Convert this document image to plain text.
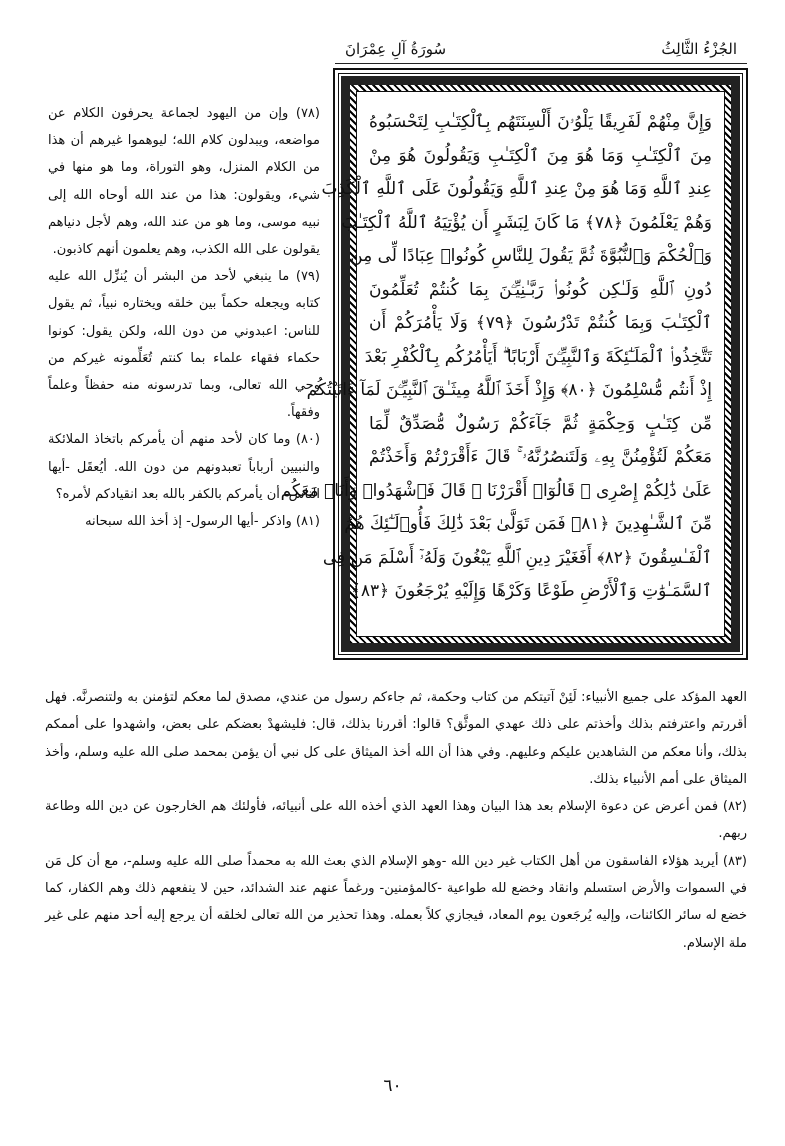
الجُزْءُ الثَّالِثُ
سُورَةُ آلِ عِمْرَانَ
وَإِنَّ مِنْهُمْ لَفَرِيقًا يَلْوُۥنَ أَلْسِنَتَهُم بِٱلْكِتَـٰبِ لِتَحْسَبُوهُ
مِنَ ٱلْكِتَـٰبِ وَمَا هُوَ مِنَ ٱلْكِتَـٰبِ وَيَقُولُونَ هُوَ مِنْ
عِندِ ٱللَّهِ وَمَا هُوَ مِنْ عِندِ ٱللَّهِ وَيَقُولُونَ عَلَى ٱللَّهِ ٱلْكَذِبَ
وَهُمْ يَعْلَمُونَ ﴿٧٨﴾ مَا كَانَ لِبَشَرٍ أَن يُؤْتِيَهُ ٱللَّهُ ٱلْكِتَـٰبَ
وَٱلْحُكْمَ وَٱلنُّبُوَّةَ ثُمَّ يَقُولَ لِلنَّاسِ كُونُوا۟ عِبَادًا لِّى مِن
دُونِ ٱللَّهِ وَلَـٰكِن كُونُوا۟ رَبَّـٰنِيِّـۧنَ بِمَا كُنتُمْ تُعَلِّمُونَ
ٱلْكِتَـٰبَ وَبِمَا كُنتُمْ تَدْرُسُونَ ﴿٧٩﴾ وَلَا يَأْمُرَكُمْ أَن
تَتَّخِذُوا۟ ٱلْمَلَـٰٓئِكَةَ وَٱلنَّبِيِّـۧنَ أَرْبَابًا ۗ أَيَأْمُرُكُم بِٱلْكُفْرِ بَعْدَ
إِذْ أَنتُم مُّسْلِمُونَ ﴿٨٠﴾ وَإِذْ أَخَذَ ٱللَّهُ مِيثَـٰقَ ٱلنَّبِيِّـۧنَ لَمَآ ءَاتَيْتُكُم
مِّن كِتَـٰبٍ وَحِكْمَةٍ ثُمَّ جَآءَكُمْ رَسُولٌ مُّصَدِّقٌ لِّمَا
مَعَكُمْ لَتُؤْمِنُنَّ بِهِۦ وَلَتَنصُرُنَّهُۥ ۚ قَالَ ءَأَقْرَرْتُمْ وَأَخَذْتُمْ
عَلَىٰ ذَٰلِكُمْ إِصْرِى ۖ قَالُوٓا۟ أَقْرَرْنَا ۚ قَالَ فَٱشْهَدُوا۟ وَأَنَا۠ مَعَكُم
مِّنَ ٱلشَّـٰهِدِينَ ﴿٨١﴾ فَمَن تَوَلَّىٰ بَعْدَ ذَٰلِكَ فَأُو۟لَـٰٓئِكَ هُمُ
ٱلْفَـٰسِقُونَ ﴿٨٢﴾ أَفَغَيْرَ دِينِ ٱللَّهِ يَبْغُونَ وَلَهُۥٓ أَسْلَمَ مَن فِى
ٱلسَّمَـٰوَٰتِ وَٱلْأَرْضِ طَوْعًا وَكَرْهًا وَإِلَيْهِ يُرْجَعُونَ ﴿٨٣﴾

(٧٨) وإن من اليهود لجماعة يحرفون الكلام عن مواضعه، ويبدلون كلام الله؛ ليوهموا غيرهم أن هذا من الكلام المنزل، وهو التوراة، وما هو منها في شيء، ويقولون: هذا من عند الله أوحاه الله إلى نبيه موسى، وما هو من عند الله، وهم لأجل دنياهم يقولون على الله الكذب، وهم يعلمون أنهم كاذبون.

(٧٩) ما ينبغي لأحد من البشر أن يُنزِّل الله عليه كتابه ويجعله حكماً بين خلقه ويختاره نبياً، ثم يقول للناس: اعبدوني من دون الله، ولكن يقول: كونوا حكماء فقهاء علماء بما كنتم تُعَلِّمونه غيركم من وحي الله تعالى، وبما تدرسونه منه حفظاً وعلماً وفقهاً.

(٨٠) وما كان لأحد منهم أن يأمركم باتخاذ الملائكة والنبيين أرباباً تعبدونهم من دون الله. أيُعقَل -أيها الناس- أن يأمركم بالكفر بالله بعد انقيادكم لأمره؟

(٨١) واذكر -أيها الرسول- إذ أخذ الله سبحانه

العهد المؤكد على جميع الأنبياء: لَئِنْ آتيتكم من كتاب وحكمة، ثم جاءكم رسول من عندي، مصدق لما معكم لتؤمنن به ولتنصرنَّه. فهل أقررتم واعترفتم بذلك وأخذتم على ذلك عهدي الموثَّق؟ قالوا: أقررنا بذلك، قال: فليشهدْ بعضكم على بعض، واشهدوا على أممكم بذلك، وأنا معكم من الشاهدين عليكم وعليهم. وفي هذا أن الله أخذ الميثاق على كل نبي أن يؤمن بمحمد صلى الله عليه وسلم، وأخذ الميثاق على أمم الأنبياء بذلك.

(٨٢) فمن أعرض عن دعوة الإسلام بعد هذا البيان وهذا العهد الذي أخذه الله على أنبيائه، فأولئك هم الخارجون عن دين الله وطاعة ربهم.

(٨٣) أيريد هؤلاء الفاسقون من أهل الكتاب غير دين الله -وهو الإسلام الذي بعث الله به محمداً صلى الله عليه وسلم-، مع أن كل مَن في السموات والأرض استسلم وانقاد وخضع لله طواعية -كالمؤمنين- ورغماً عنهم عند الشدائد، حين لا ينفعهم ذلك وهم الكفار، كما خضع له سائر الكائنات، وإليه يُرجَعون يوم المعاد، فيجازي كلاً بعمله. وهذا تحذير من الله تعالى لخلقه أن يرجع إليه أحد منهم على غير ملة الإسلام.

٦٠
